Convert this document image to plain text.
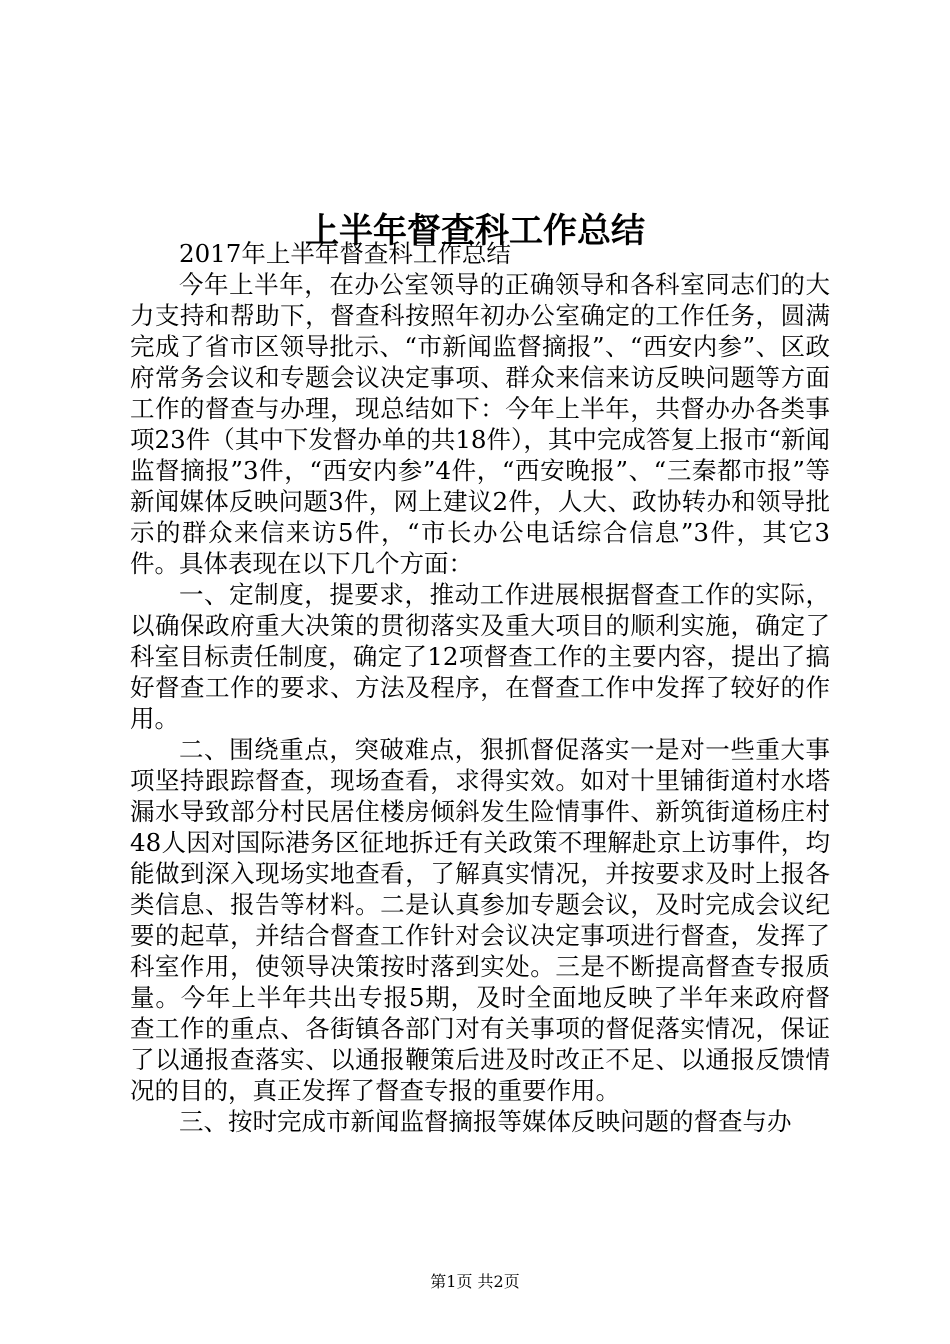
上半年督查科工作总结

2017年上半年督查科工作总结

今年上半年，在办公室领导的正确领导和各科室同志们的大力支持和帮助下，督查科按照年初办公室确定的工作任务，圆满完成了省市区领导批示、“市新闻监督摘报”、“西安内参”、区政府常务会议和专题会议决定事项、群众来信来访反映问题等方面工作的督查与办理，现总结如下：今年上半年，共督办办各类事项23件（其中下发督办单的共18件），其中完成答复上报市“新闻监督摘报”3件，“西安内参”4件，“西安晚报”、“三秦都市报”等新闻媒体反映问题3件，网上建议2件，人大、政协转办和领导批示的群众来信来访5件，“市长办公电话综合信息”3件，其它3件。具体表现在以下几个方面：

一、定制度，提要求，推动工作进展根据督查工作的实际，以确保政府重大决策的贯彻落实及重大项目的顺利实施，确定了科室目标责任制度，确定了12项督查工作的主要内容，提出了搞好督查工作的要求、方法及程序，在督查工作中发挥了较好的作用。

二、围绕重点，突破难点，狠抓督促落实一是对一些重大事项坚持跟踪督查，现场查看，求得实效。如对十里铺街道村水塔漏水导致部分村民居住楼房倾斜发生险情事件、新筑街道杨庄村48人因对国际港务区征地拆迁有关政策不理解赴京上访事件，均能做到深入现场实地查看，了解真实情况，并按要求及时上报各类信息、报告等材料。二是认真参加专题会议，及时完成会议纪要的起草，并结合督查工作针对会议决定事项进行督查，发挥了科室作用，使领导决策按时落到实处。三是不断提高督查专报质量。今年上半年共出专报5期，及时全面地反映了半年来政府督查工作的重点、各街镇各部门对有关事项的督促落实情况，保证了以通报查落实、以通报鞭策后进及时改正不足、以通报反馈情况的目的，真正发挥了督查专报的重要作用。

三、按时完成市新闻监督摘报等媒体反映问题的督查与办

第1页 共2页
